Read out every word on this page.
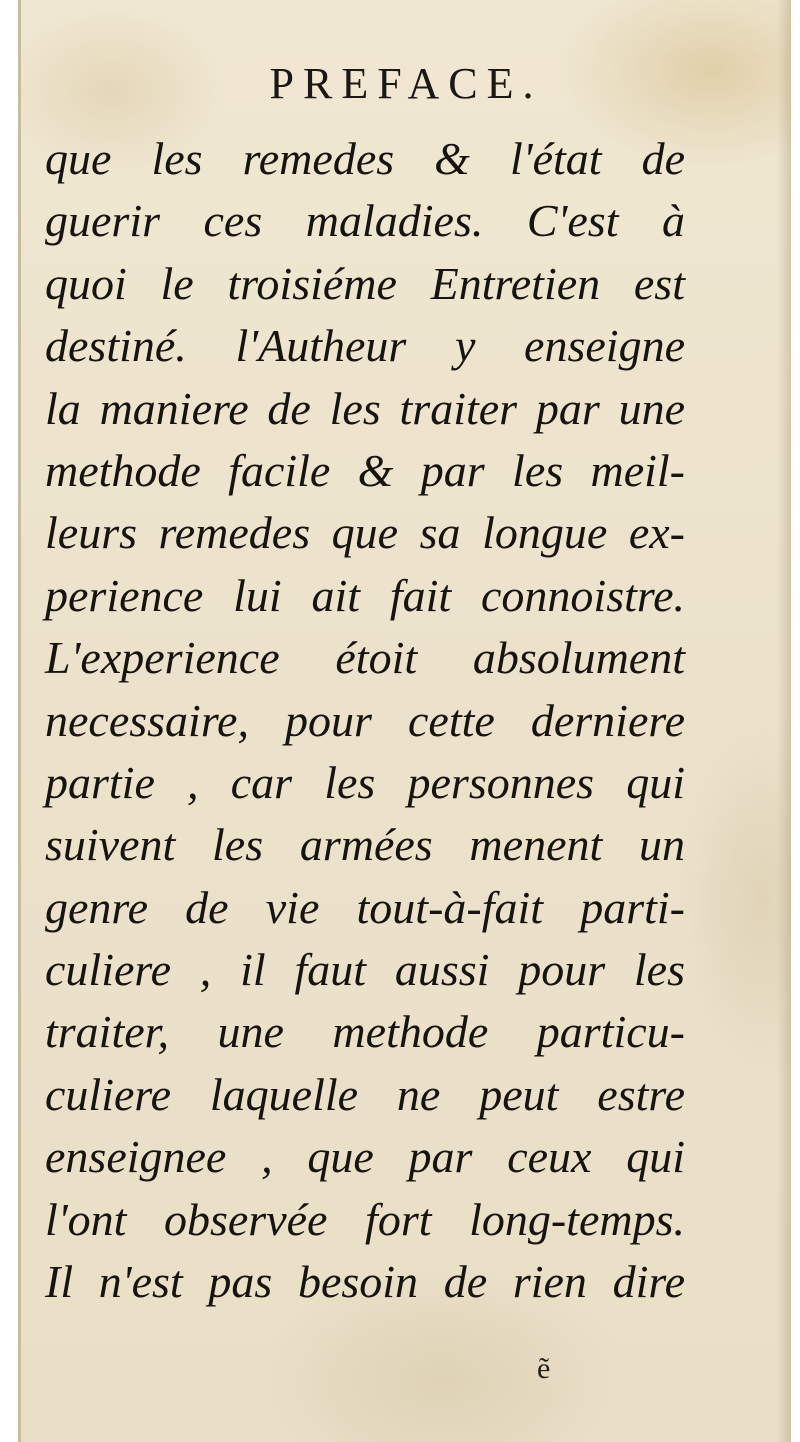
PREFACE.
que les remedes & l'état de
guerir ces maladies. C'est à
quoi le troisiéme Entretien est
destiné. l'Autheur y enseigne
la maniere de les traiter par une
methode facile & par les meil-
leurs remedes que sa longue ex-
perience lui ait fait connoistre.
L'experience étoit absolument
necessaire, pour cette derniere
partie , car les personnes qui
suivent les armées menent un
genre de vie tout-à-fait parti-
culiere , il faut aussi pour les
traiter, une methode particu-
culiere laquelle ne peut estre
enseignee , que par ceux qui
l'ont observée fort long-temps.
Il n'est pas besoin de rien dire
ẽ
